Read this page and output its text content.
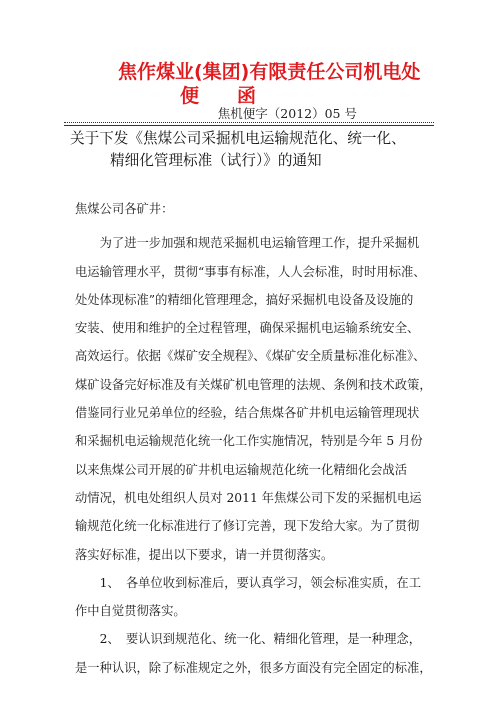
焦作煤业(集团)有限责任公司机电处
便函
焦机便字（2012）05 号
关于下发《焦煤公司采掘机电运输规范化、统一化、
精细化管理标准（试行）》的通知
焦煤公司各矿井：
　　为了进一步加强和规范采掘机电运输管理工作，提升采掘机
电运输管理水平，贯彻“事事有标准，人人会标准，时时用标准、
处处体现标准”的精细化管理理念，搞好采掘机电设备及设施的
安装、使用和维护的全过程管理，确保采掘机电运输系统安全、
高效运行。依据《煤矿安全规程》、《煤矿安全质量标准化标准》、
煤矿设备完好标准及有关煤矿机电管理的法规、条例和技术政策，
借鉴同行业兄弟单位的经验，结合焦煤各矿井机电运输管理现状
和采掘机电运输规范化统一化工作实施情况，特别是今年 5 月份
以来焦煤公司开展的矿井机电运输规范化统一化精细化会战活
动情况，机电处组织人员对 2011 年焦煤公司下发的采掘机电运
输规范化统一化标准进行了修订完善，现下发给大家。为了贯彻
落实好标准，提出以下要求，请一并贯彻落实。
　　1、　各单位收到标准后，要认真学习，领会标准实质，在工
作中自觉贯彻落实。
　　2、　要认识到规范化、统一化、精细化管理，是一种理念，
是一种认识，除了标准规定之外，很多方面没有完全固定的标准，
